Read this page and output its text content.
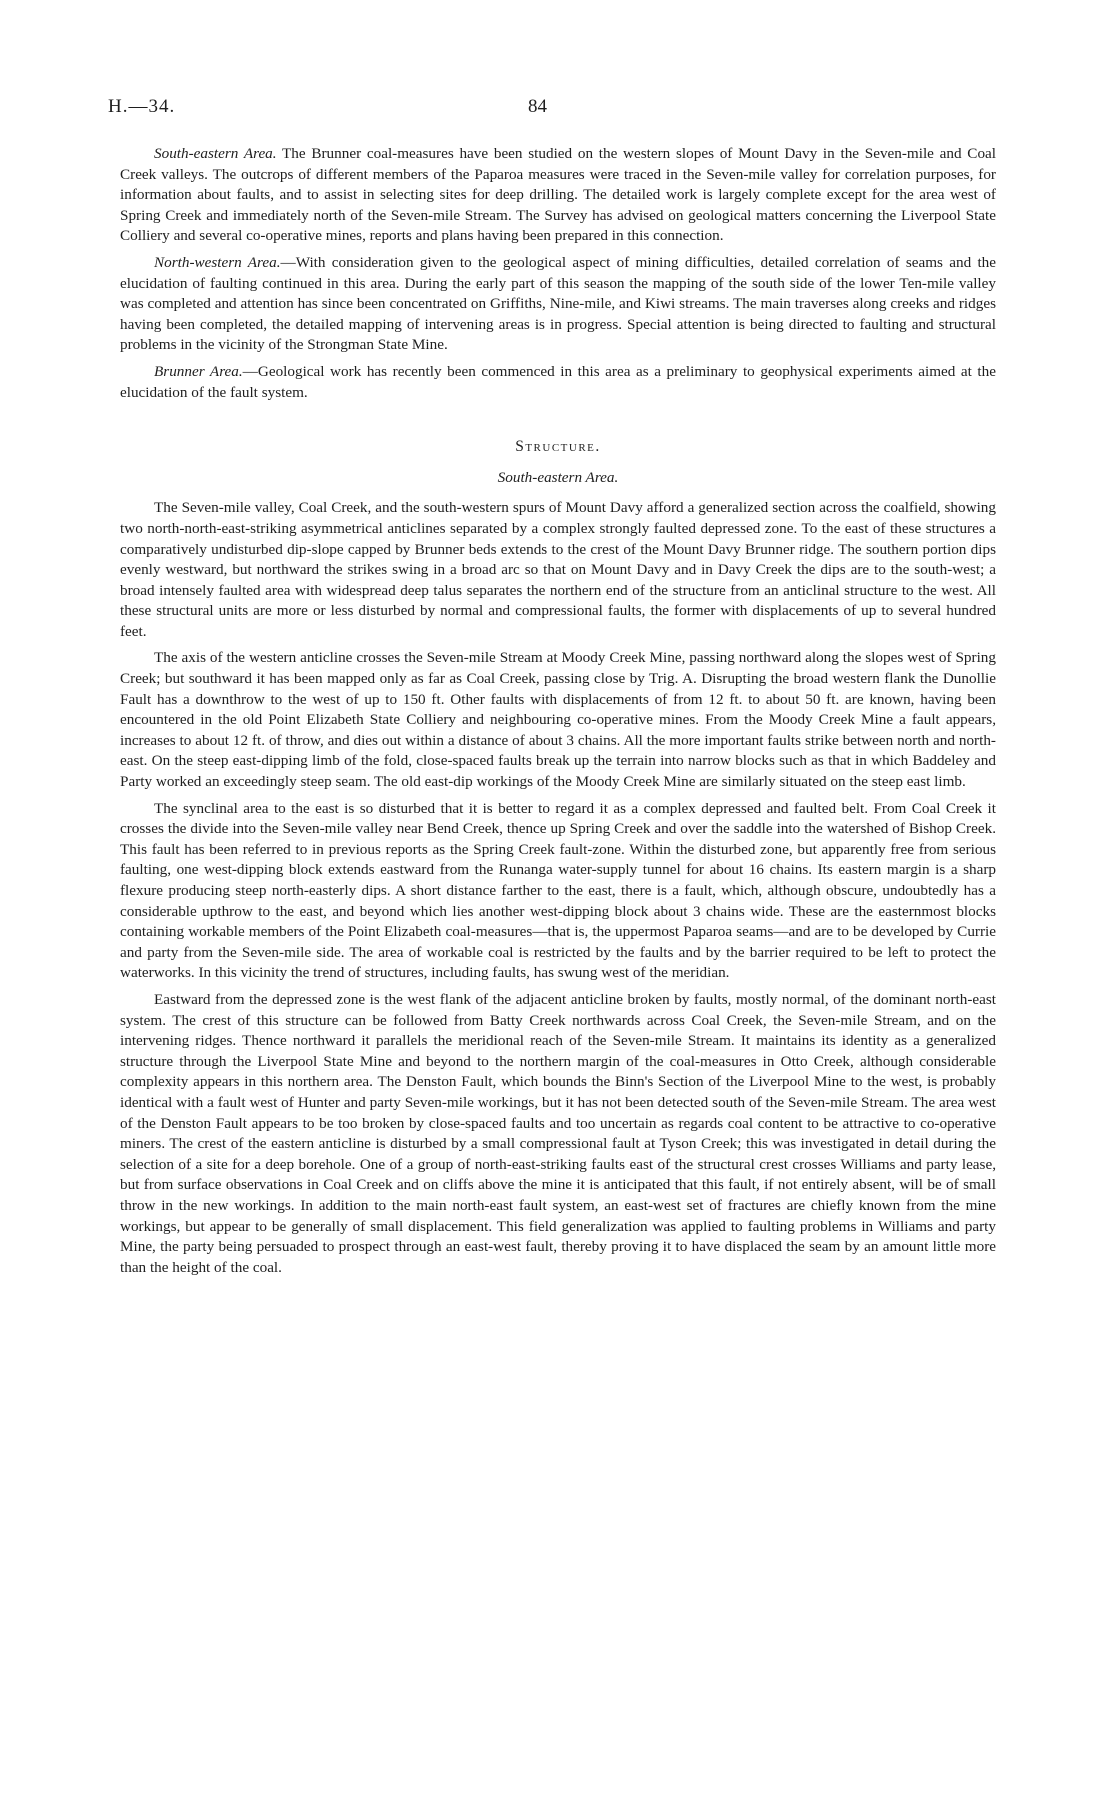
H.—34.	84

South-eastern Area. The Brunner coal-measures have been studied on the western slopes of Mount Davy in the Seven-mile and Coal Creek valleys. The outcrops of different members of the Paparoa measures were traced in the Seven-mile valley for correlation purposes, for information about faults, and to assist in selecting sites for deep drilling. The detailed work is largely complete except for the area west of Spring Creek and immediately north of the Seven-mile Stream. The Survey has advised on geological matters concerning the Liverpool State Colliery and several co-operative mines, reports and plans having been prepared in this connection.

North-western Area.—With consideration given to the geological aspect of mining difficulties, detailed correlation of seams and the elucidation of faulting continued in this area. During the early part of this season the mapping of the south side of the lower Ten-mile valley was completed and attention has since been concentrated on Griffiths, Nine-mile, and Kiwi streams. The main traverses along creeks and ridges having been completed, the detailed mapping of intervening areas is in progress. Special attention is being directed to faulting and structural problems in the vicinity of the Strongman State Mine.

Brunner Area.—Geological work has recently been commenced in this area as a preliminary to geophysical experiments aimed at the elucidation of the fault system.

Structure.
South-eastern Area.

The Seven-mile valley, Coal Creek, and the south-western spurs of Mount Davy afford a generalized section across the coalfield, showing two north-north-east-striking asymmetrical anticlines separated by a complex strongly faulted depressed zone. To the east of these structures a comparatively undisturbed dip-slope capped by Brunner beds extends to the crest of the Mount Davy Brunner ridge. The southern portion dips evenly westward, but northward the strikes swing in a broad arc so that on Mount Davy and in Davy Creek the dips are to the south-west; a broad intensely faulted area with widespread deep talus separates the northern end of the structure from an anticlinal structure to the west. All these structural units are more or less disturbed by normal and compressional faults, the former with displacements of up to several hundred feet.

The axis of the western anticline crosses the Seven-mile Stream at Moody Creek Mine, passing northward along the slopes west of Spring Creek; but southward it has been mapped only as far as Coal Creek, passing close by Trig. A. Disrupting the broad western flank the Dunollie Fault has a downthrow to the west of up to 150 ft. Other faults with displacements of from 12 ft. to about 50 ft. are known, having been encountered in the old Point Elizabeth State Colliery and neighbouring co-operative mines. From the Moody Creek Mine a fault appears, increases to about 12 ft. of throw, and dies out within a distance of about 3 chains. All the more important faults strike between north and north-east. On the steep east-dipping limb of the fold, close-spaced faults break up the terrain into narrow blocks such as that in which Baddeley and Party worked an exceedingly steep seam. The old east-dip workings of the Moody Creek Mine are similarly situated on the steep east limb.

The synclinal area to the east is so disturbed that it is better to regard it as a complex depressed and faulted belt. From Coal Creek it crosses the divide into the Seven-mile valley near Bend Creek, thence up Spring Creek and over the saddle into the watershed of Bishop Creek. This fault has been referred to in previous reports as the Spring Creek fault-zone. Within the disturbed zone, but apparently free from serious faulting, one west-dipping block extends eastward from the Runanga water-supply tunnel for about 16 chains. Its eastern margin is a sharp flexure producing steep north-easterly dips. A short distance farther to the east, there is a fault, which, although obscure, undoubtedly has a considerable upthrow to the east, and beyond which lies another west-dipping block about 3 chains wide. These are the easternmost blocks containing workable members of the Point Elizabeth coal-measures—that is, the uppermost Paparoa seams—and are to be developed by Currie and party from the Seven-mile side. The area of workable coal is restricted by the faults and by the barrier required to be left to protect the waterworks. In this vicinity the trend of structures, including faults, has swung west of the meridian.

Eastward from the depressed zone is the west flank of the adjacent anticline broken by faults, mostly normal, of the dominant north-east system. The crest of this structure can be followed from Batty Creek northwards across Coal Creek, the Seven-mile Stream, and on the intervening ridges. Thence northward it parallels the meridional reach of the Seven-mile Stream. It maintains its identity as a generalized structure through the Liverpool State Mine and beyond to the northern margin of the coal-measures in Otto Creek, although considerable complexity appears in this northern area. The Denston Fault, which bounds the Binn's Section of the Liverpool Mine to the west, is probably identical with a fault west of Hunter and party Seven-mile workings, but it has not been detected south of the Seven-mile Stream. The area west of the Denston Fault appears to be too broken by close-spaced faults and too uncertain as regards coal content to be attractive to co-operative miners. The crest of the eastern anticline is disturbed by a small compressional fault at Tyson Creek; this was investigated in detail during the selection of a site for a deep borehole. One of a group of north-east-striking faults east of the structural crest crosses Williams and party lease, but from surface observations in Coal Creek and on cliffs above the mine it is anticipated that this fault, if not entirely absent, will be of small throw in the new workings. In addition to the main north-east fault system, an east-west set of fractures are chiefly known from the mine workings, but appear to be generally of small displacement. This field generalization was applied to faulting problems in Williams and party Mine, the party being persuaded to prospect through an east-west fault, thereby proving it to have displaced the seam by an amount little more than the height of the coal.
